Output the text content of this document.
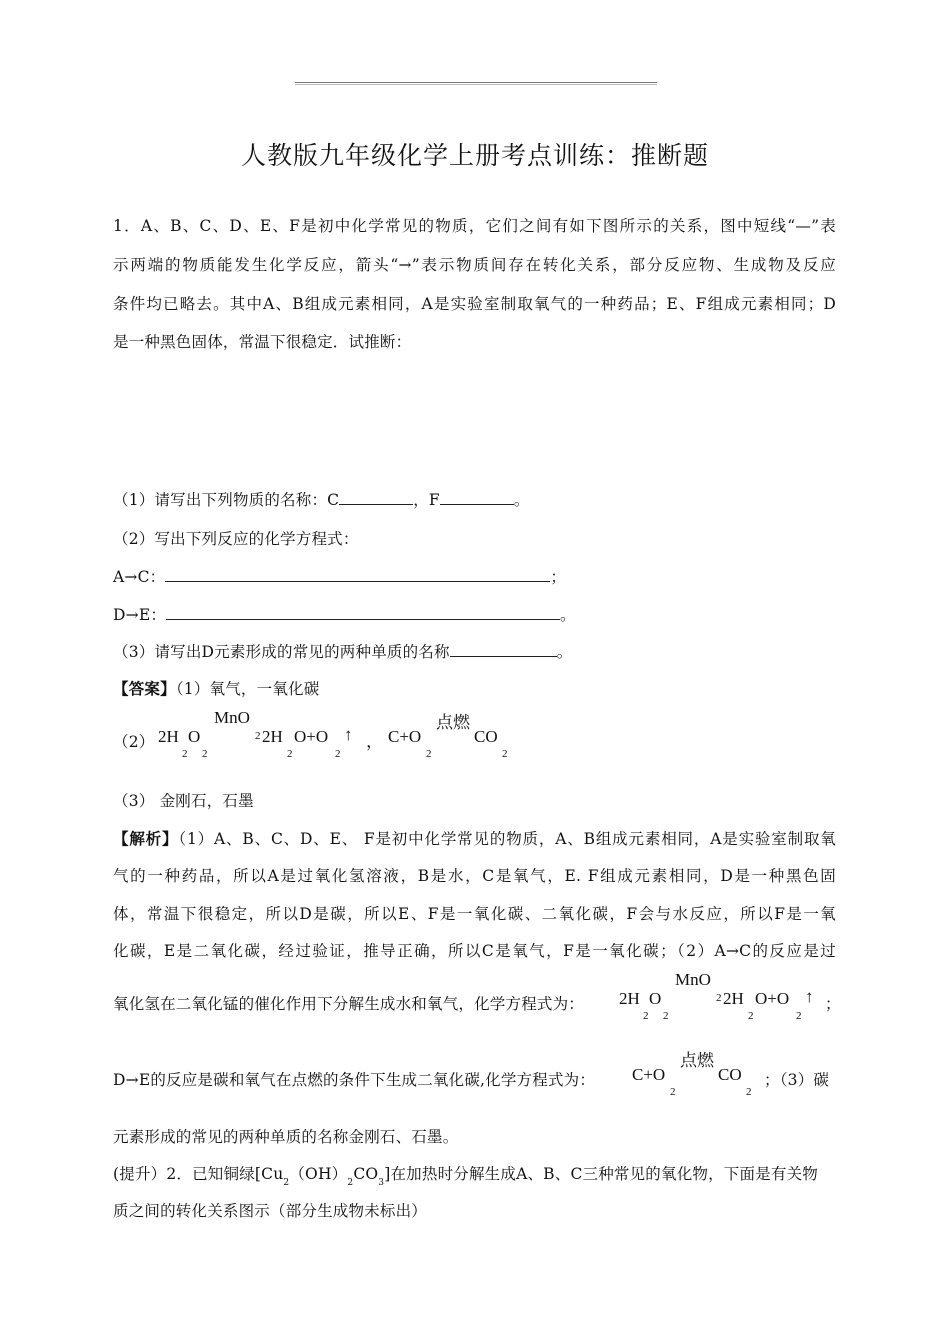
人教版九年级化学上册考点训练：推断题
1．A、B、C、D、E、F是初中化学常见的物质，它们之间有如下图所示的关系，图中短线“—”表
示两端的物质能发生化学反应，箭头“→”表示物质间存在转化关系，部分反应物、生成物及反应
条件均已略去。其中A、B组成元素相同，A是实验室制取氧气的一种药品；E、F组成元素相同；D
是一种黑色固体，常温下很稳定．试推断：
（1）请写出下列物质的名称：C	，F	。
（2）写出下列反应的化学方程式：
A→C：	；
D→E：	。
（3）请写出D元素形成的常见的两种单质的名称	。
【答案】（1）氧气，一氧化碳
（2） 2H
2
O
2
MnO
2 2H
2
O+O
2
↑ ， C+O
2
点燃
CO
2
（3） 金刚石，石墨
【解析】（1）A、B、C、D、E、 F是初中化学常见的物质，A、B组成元素相同，A是实验室制取氧
气的一种药品，所以A是过氧化氢溶液，B是水，C是氧气，E. F组成元素相同，D是一种黑色固
体，常温下很稳定，所以D是碳，所以E、F是一氧化碳、二氧化碳，F会与水反应，所以F是一氧
化碳，E是二氧化碳，经过验证，推导正确，所以C是氧气，F是一氧化碳；（2）A→C的反应是过
氧化氢在二氧化锰的催化作用下分解生成水和氧气，化学方程式为： 2H
2
O
2
MnO
2 2H
2
O+O
2
↑ ；
D→E的反应是碳和氧气在点燃的条件下生成二氧化碳,化学方程式为： C+O
2
点燃
CO
2
；（3）碳
元素形成的常见的两种单质的名称金刚石、石墨。
(提升）2．已知铜绿$[Cu_2(OH)_2CO_3]$在加热时分解生成A、B、C三种常见的氧化物，下面是有关物
质之间的转化关系图示（部分生成物未标出）
